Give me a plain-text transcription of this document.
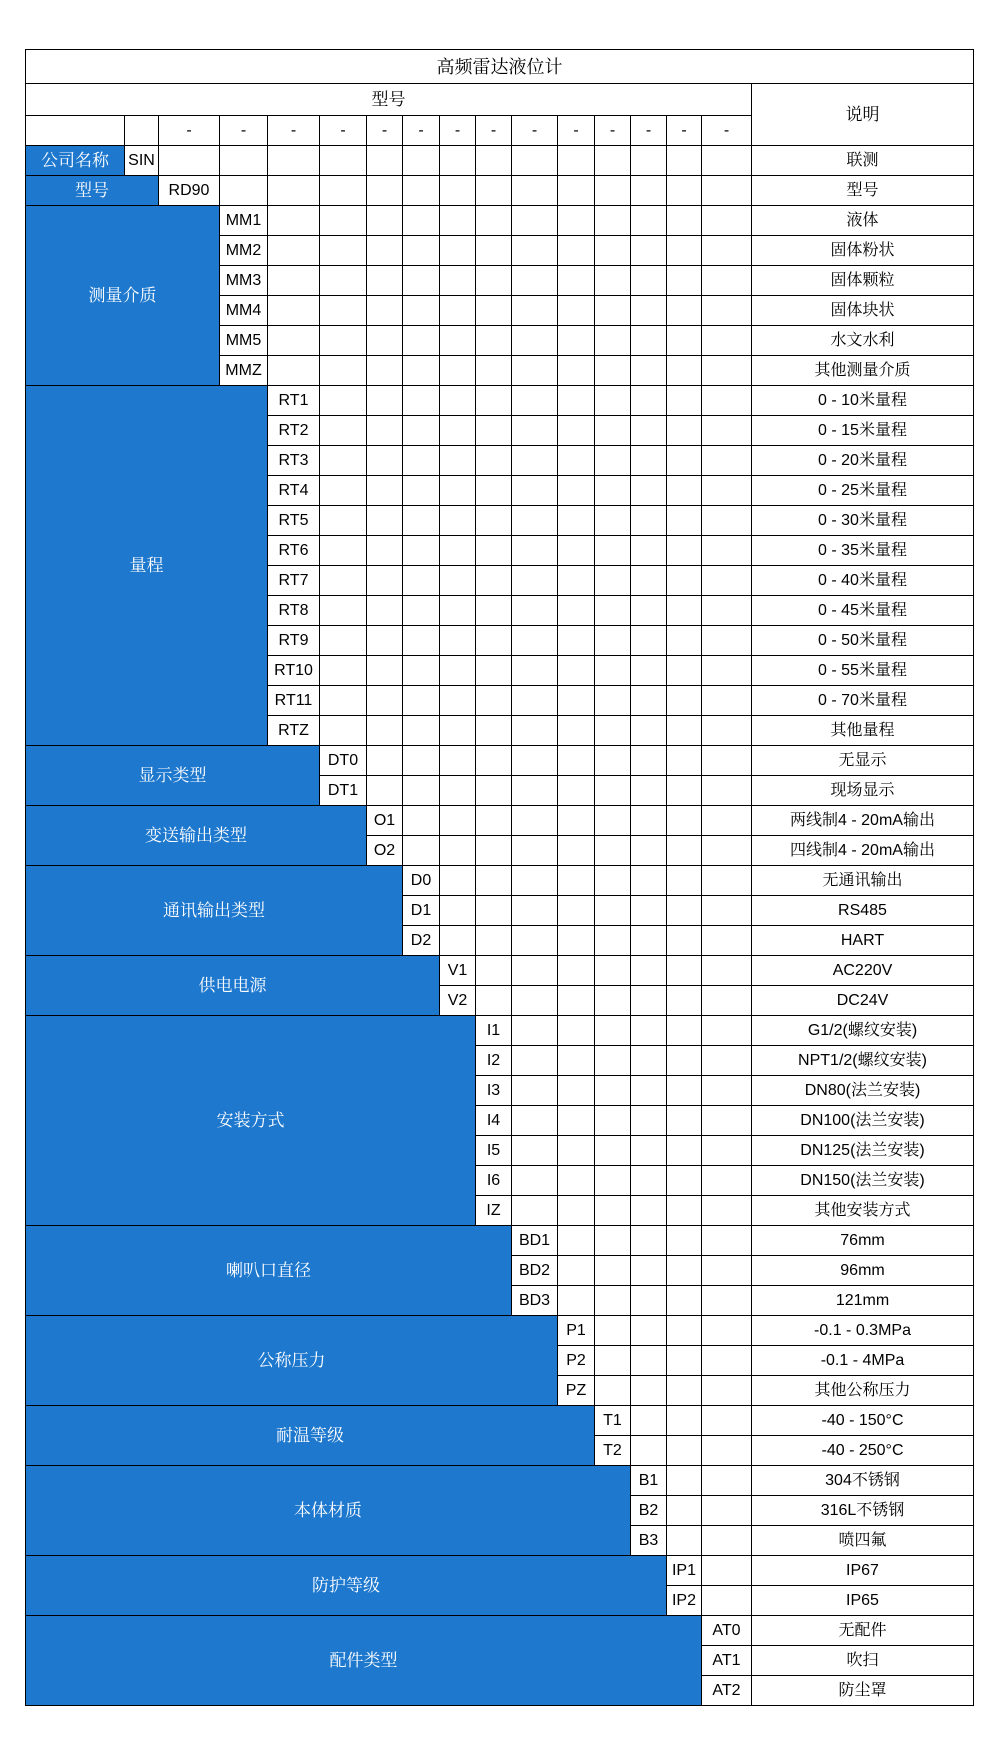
高频雷达液位计
型号
说明
-	-	-	-	-	-	-	-	-	-	-	-	-	-
公司名称	SIN	联测
型号	RD90	型号
测量介质
MM1	液体
MM2	固体粉状
MM3	固体颗粒
MM4	固体块状
MM5	水文水利
MMZ	其他测量介质
量程
RT1	0 - 10米量程
RT2	0 - 15米量程
RT3	0 - 20米量程
RT4	0 - 25米量程
RT5	0 - 30米量程
RT6	0 - 35米量程
RT7	0 - 40米量程
RT8	0 - 45米量程
RT9	0 - 50米量程
RT10	0 - 55米量程
RT11	0 - 70米量程
RTZ	其他量程
显示类型
DT0	无显示
DT1	现场显示
变送输出类型
O1	两线制4 - 20mA输出
O2	四线制4 - 20mA输出
通讯输出类型
D0	无通讯输出
D1	RS485
D2	HART
供电电源
V1	AC220V
V2	DC24V
安装方式
I1	G1/2(螺纹安装)
I2	NPT1/2(螺纹安装)
I3	DN80(法兰安装)
I4	DN100(法兰安装)
I5	DN125(法兰安装)
I6	DN150(法兰安装)
IZ	其他安装方式
喇叭口直径
BD1	76mm
BD2	96mm
BD3	121mm
公称压力
P1	-0.1 - 0.3MPa
P2	-0.1 - 4MPa
PZ	其他公称压力
耐温等级
T1	-40 - 150°C
T2	-40 - 250°C
本体材质
B1	304不锈钢
B2	316L不锈钢
B3	喷四氟
防护等级
IP1	IP67
IP2	IP65
配件类型
AT0	无配件
AT1	吹扫
AT2	防尘罩
